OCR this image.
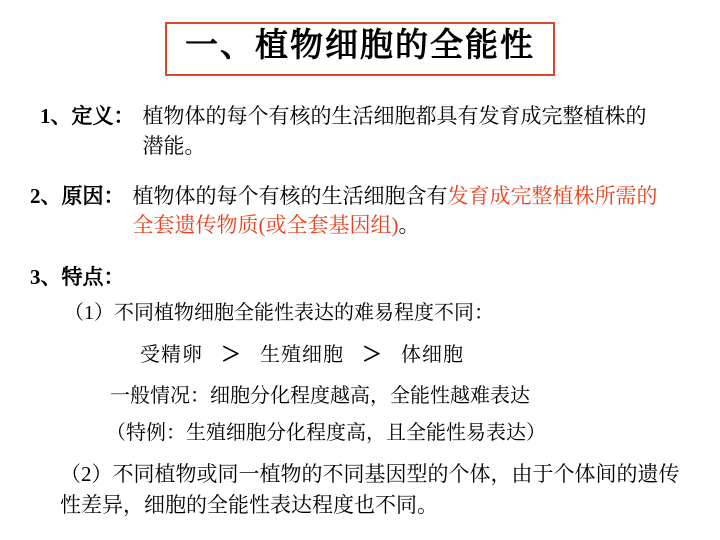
一、植物细胞的全能性
1、定义： 植物体的每个有核的生活细胞都具有发育成完整植株的潜能。
2、原因： 植物体的每个有核的生活细胞含有发育成完整植株所需的全套遗传物质(或全套基因组)。
3、特点：
（1）不同植物细胞全能性表达的难易程度不同：
受精卵 ＞ 生殖细胞 ＞ 体细胞
一般情况：细胞分化程度越高，全能性越难表达
（特例：生殖细胞分化程度高，且全能性易表达）
（2）不同植物或同一植物的不同基因型的个体，由于个体间的遗传性差异，细胞的全能性表达程度也不同。
